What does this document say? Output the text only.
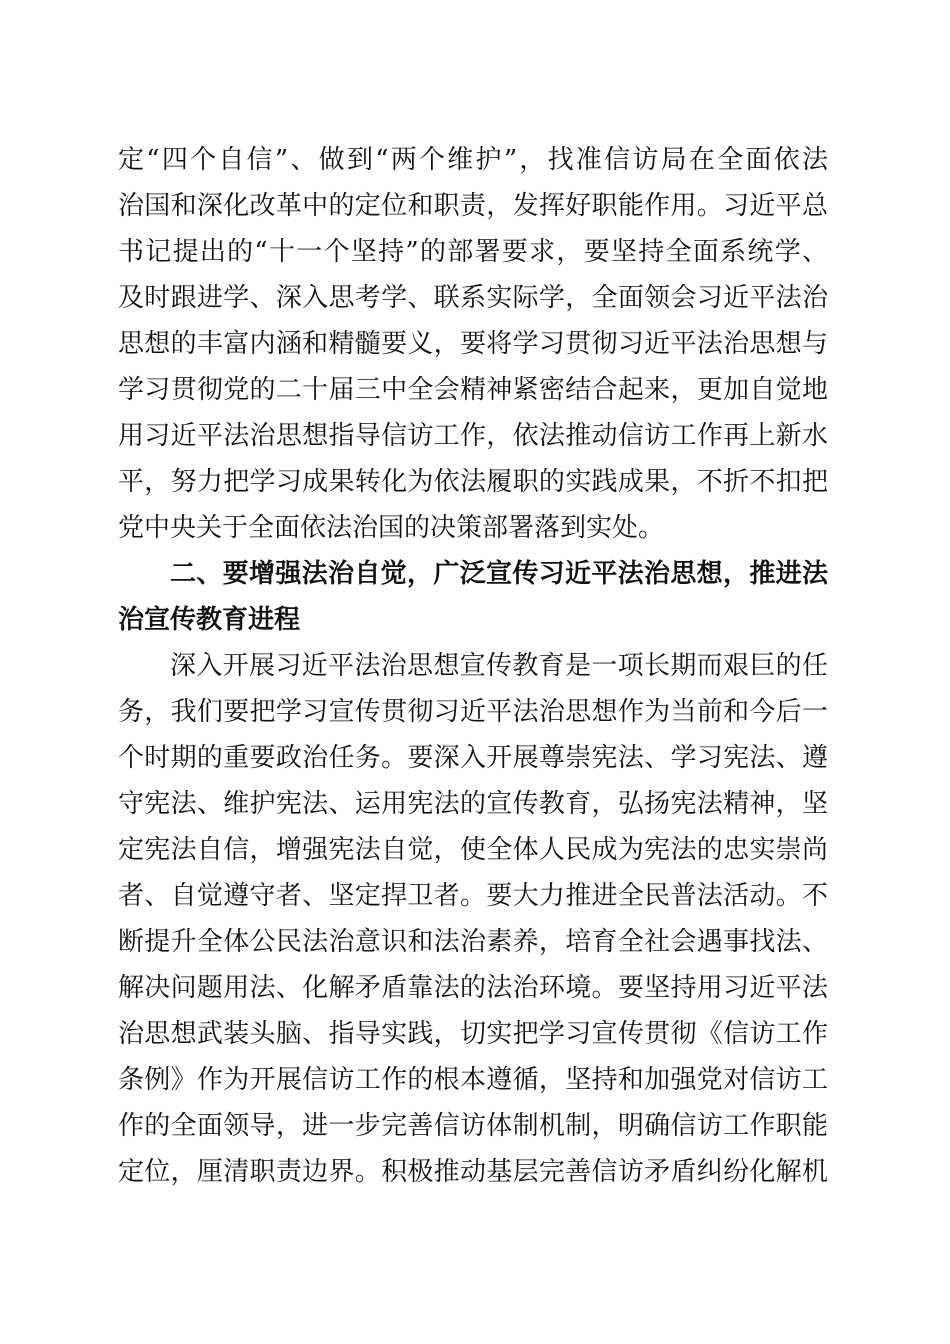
定“四个自信”、做到“两个维护”，找准信访局在全面依法
治国和深化改革中的定位和职责，发挥好职能作用。习近平总
书记提出的“十一个坚持”的部署要求，要坚持全面系统学、
及时跟进学、深入思考学、联系实际学，全面领会习近平法治
思想的丰富内涵和精髓要义，要将学习贯彻习近平法治思想与
学习贯彻党的二十届三中全会精神紧密结合起来，更加自觉地
用习近平法治思想指导信访工作，依法推动信访工作再上新水
平，努力把学习成果转化为依法履职的实践成果，不折不扣把
党中央关于全面依法治国的决策部署落到实处。
二、要增强法治自觉，广泛宣传习近平法治思想，推进法
治宣传教育进程
深入开展习近平法治思想宣传教育是一项长期而艰巨的任
务，我们要把学习宣传贯彻习近平法治思想作为当前和今后一
个时期的重要政治任务。要深入开展尊崇宪法、学习宪法、遵
守宪法、维护宪法、运用宪法的宣传教育，弘扬宪法精神，坚
定宪法自信，增强宪法自觉，使全体人民成为宪法的忠实崇尚
者、自觉遵守者、坚定捍卫者。要大力推进全民普法活动。不
断提升全体公民法治意识和法治素养，培育全社会遇事找法、
解决问题用法、化解矛盾靠法的法治环境。要坚持用习近平法
治思想武装头脑、指导实践，切实把学习宣传贯彻《信访工作
条例》作为开展信访工作的根本遵循，坚持和加强党对信访工
作的全面领导，进一步完善信访体制机制，明确信访工作职能
定位，厘清职责边界。积极推动基层完善信访矛盾纠纷化解机
